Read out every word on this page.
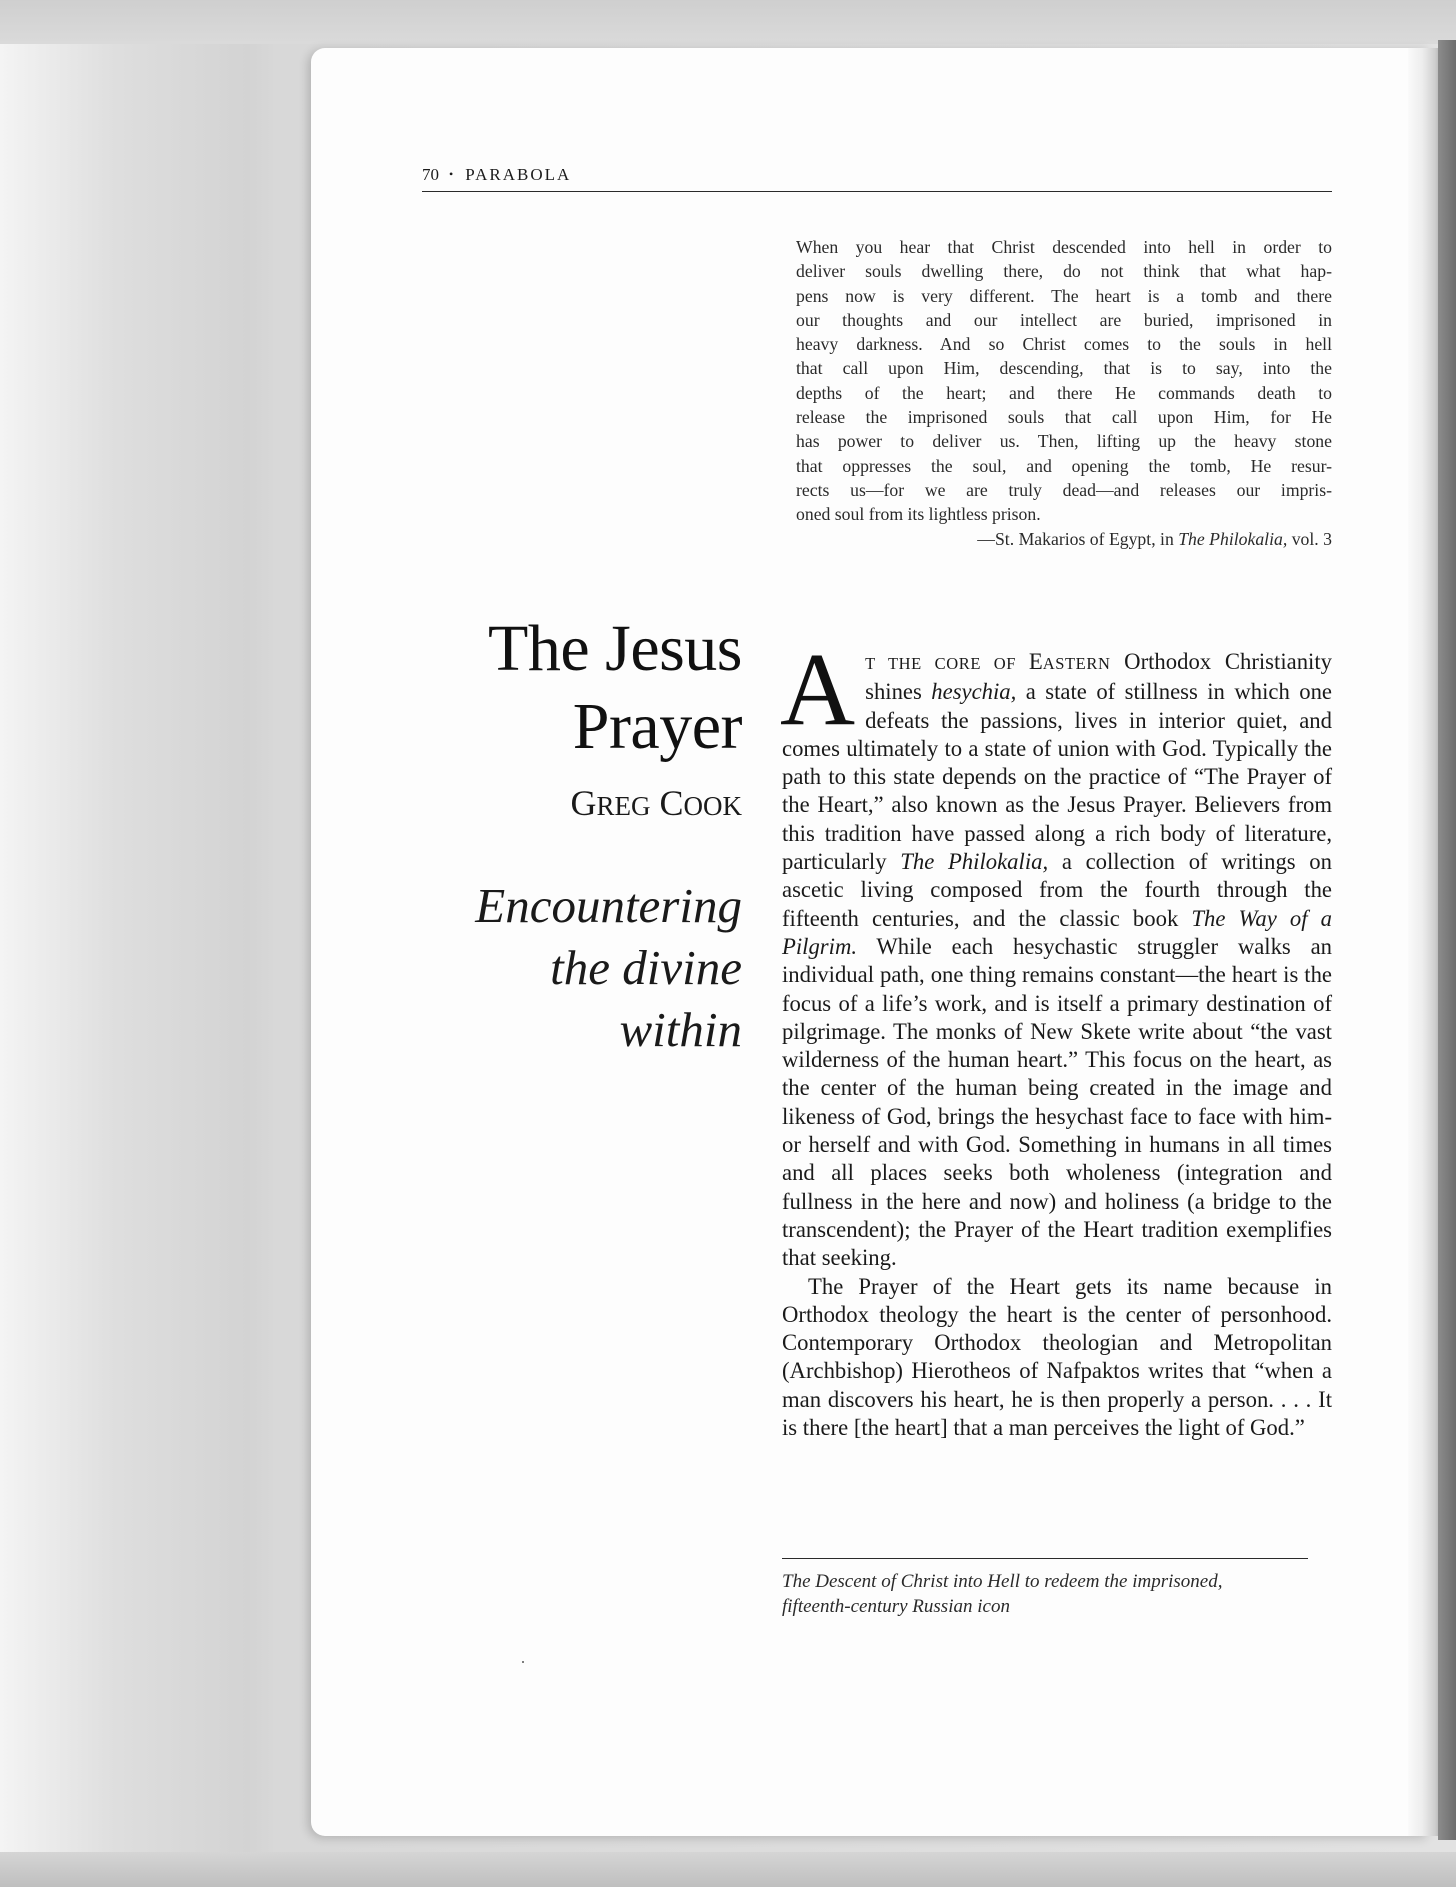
70 • PARABOLA
When you hear that Christ descended into hell in order to
deliver souls dwelling there, do not think that what hap-
pens now is very different. The heart is a tomb and there
our thoughts and our intellect are buried, imprisoned in
heavy darkness. And so Christ comes to the souls in hell
that call upon Him, descending, that is to say, into the
depths of the heart; and there He commands death to
release the imprisoned souls that call upon Him, for He
has power to deliver us. Then, lifting up the heavy stone
that oppresses the soul, and opening the tomb, He resur-
rects us—for we are truly dead—and releases our impris-
oned soul from its lightless prison.
—St. Makarios of Egypt, in The Philokalia, vol. 3
The Jesus
Prayer
GREG COOK
Encountering
the divine
within

A T THE CORE OF EASTERN Orthodox Christianity shines hesychia, a state of stillness in which one defeats the passions, lives in interior quiet, and comes ultimately to a state of union with God. Typically the path to this state depends on the practice of “The Prayer of the Heart,” also known as the Jesus Prayer. Believers from this tradition have passed along a rich body of literature, particularly The Philokalia, a collection of writings on ascetic living composed from the fourth through the fifteenth centuries, and the classic book The Way of a Pilgrim. While each hesychastic struggler walks an individual path, one thing remains constant—the heart is the focus of a life’s work, and is itself a primary destination of pilgrimage. The monks of New Skete write about “the vast wilderness of the human heart.” This focus on the heart, as the center of the human being created in the image and likeness of God, brings the hesychast face to face with him- or herself and with God. Something in humans in all times and all places seeks both wholeness (integration and fullness in the here and now) and holiness (a bridge to the transcendent); the Prayer of the Heart tradition exemplifies that seeking.

The Prayer of the Heart gets its name because in Orthodox theology the heart is the center of personhood. Contemporary Orthodox theologian and Metropolitan (Archbishop) Hierotheos of Nafpaktos writes that “when a man discovers his heart, he is then properly a person. . . . It is there [the heart] that a man perceives the light of God.”

The Descent of Christ into Hell to redeem the imprisoned,
fifteenth-century Russian icon
